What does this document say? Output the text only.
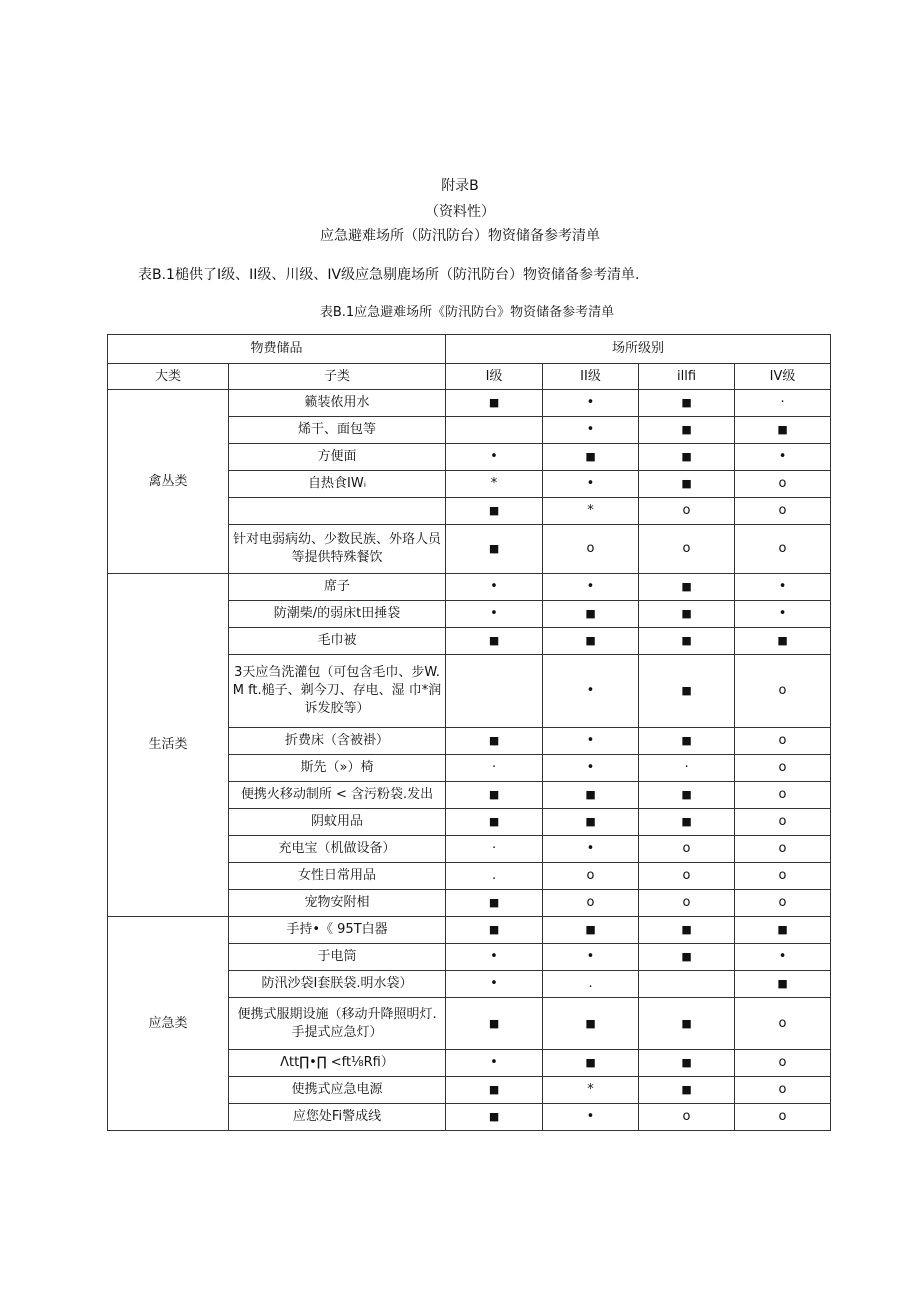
附录B
（资料性）
应急避难场所（防汛防台）物资储备参考清单
表B.1槌供了I级、II级、川级、IV级应急剔鹿场所（防汛防台）物资储备参考清单.
表B.1应急避难场所《防汛防台》物资储备参考清单
物费储品		场所级别			
大类	子类	I级	II级	illfi	IV级
禽丛类	籁装侬用水	■	•	■	·
	烯干、面包等		•	■	■
	方便面	•	■	■	•
	自热食IWᵢ	*	•	■	o
		■	*	o	o
	针对电弱病幼、少数民族、外珞人员等提供特殊餐饮	■	o	o	o
生活类	席子	•	•	■	•
	防潮柴/的弱床t田捶袋	•	■	■	•
	毛巾被	■	■	■	■
	3天应刍洗灌包（可包含毛巾、步W. M ft.槌子、剃今刀、存电、湿 巾*润诉发胶等）		•	■	o
	折费床（含被褂）	■	•	■	o
	斯先（»）椅	·	•	·	o
	便携火移动制所 < 含污粉袋.发出	■	■	■	o
	阴蚊用品	■	■	■	o
	充电宝（机做设备）	·	•	o	o
	女性日常用品	.	o	o	o
	宠物安附相	■	o	o	o
应急类	手持•《 95T白器	■	■	■	■
	于电筒	•	•	■	•
	防汛沙袋I套朕袋.明水袋）	•	.		■
	便携式服期设施（移动升降照明灯.手提式应急灯）	■	■	■	o
	Λtt∏•∏ <ft⅛Rfi）	•	■	■	o
	使携式应急电源	■	*	■	o
	应您处Fi警成线	■	•	o	o
